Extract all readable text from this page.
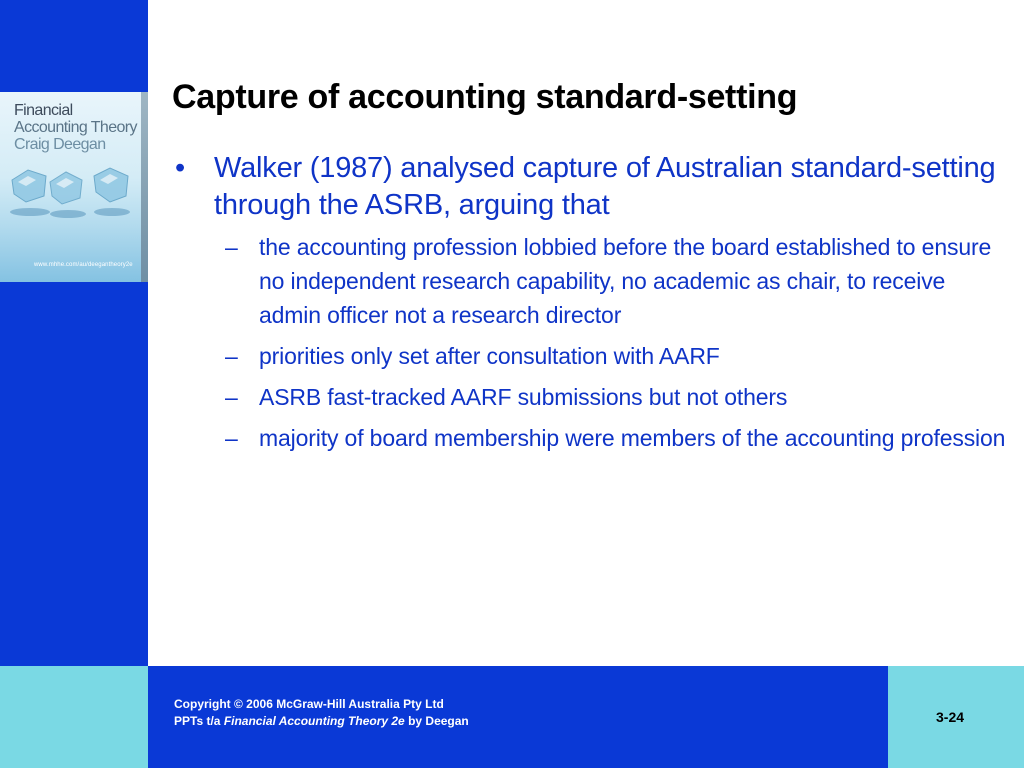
Financial
Accounting Theory
Craig Deegan
www.mhhe.com/au/deegantheory2e
Capture of accounting standard-setting
• Walker (1987) analysed capture of Australian standard-setting through the ASRB, arguing that
– the accounting profession lobbied before the board established to ensure no independent research capability, no academic as chair, to receive admin officer not a research director
– priorities only set after consultation with AARF
– ASRB fast-tracked AARF submissions but not others
– majority of board membership were members of the accounting profession
Copyright © 2006 McGraw-Hill Australia Pty Ltd
PPTs t/a Financial Accounting Theory 2e by Deegan	3-24
